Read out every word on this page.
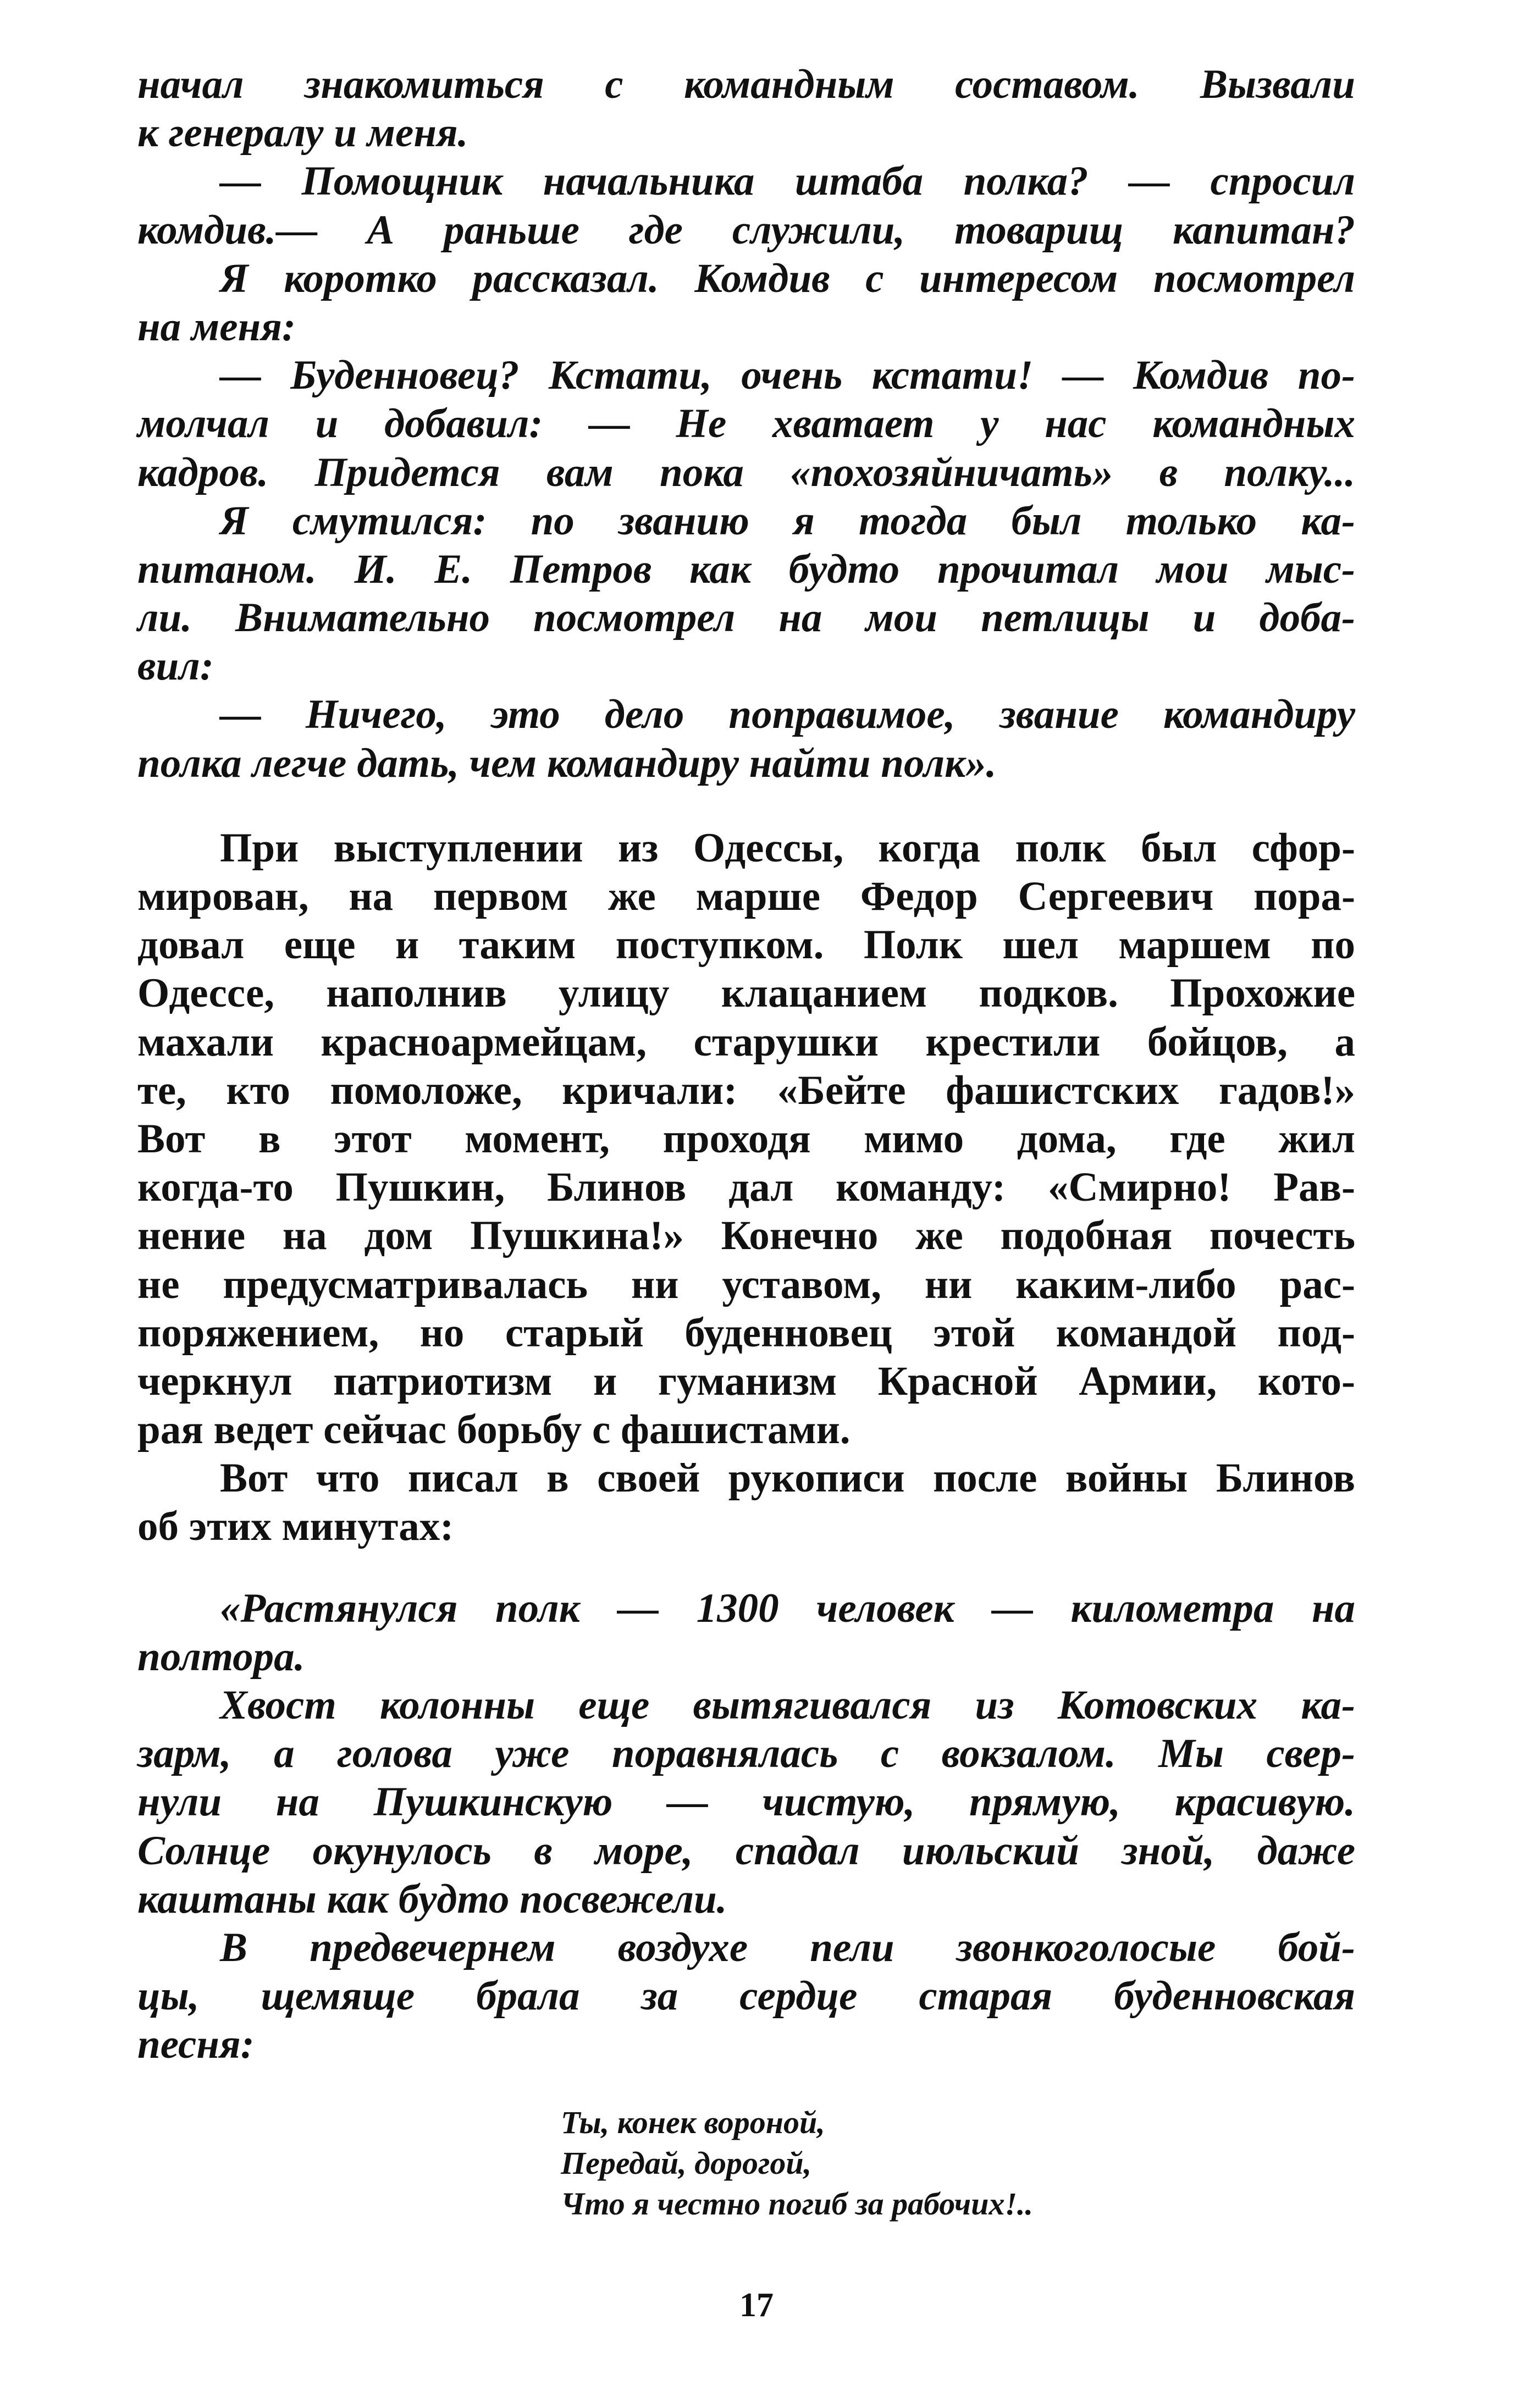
начал знакомиться с командным составом. Вызвали
к генералу и меня.
— Помощник начальника штаба полка? — спросил
комдив.— А раньше где служили, товарищ капитан?
Я коротко рассказал. Комдив с интересом посмотрел
на меня:
— Буденновец? Кстати, очень кстати! — Комдив по-
молчал и добавил: — Не хватает у нас командных
кадров. Придется вам пока «похозяйничать» в полку...
Я смутился: по званию я тогда был только ка-
питаном. И. Е. Петров как будто прочитал мои мыс-
ли. Внимательно посмотрел на мои петлицы и доба-
вил:
— Ничего, это дело поправимое, звание командиру
полка легче дать, чем командиру найти полк».
При выступлении из Одессы, когда полк был сфор-
мирован, на первом же марше Федор Сергеевич пора-
довал еще и таким поступком. Полк шел маршем по
Одессе, наполнив улицу клацанием подков. Прохожие
махали красноармейцам, старушки крестили бойцов, а
те, кто помоложе, кричали: «Бейте фашистских гадов!»
Вот в этот момент, проходя мимо дома, где жил
когда-то Пушкин, Блинов дал команду: «Смирно! Рав-
нение на дом Пушкина!» Конечно же подобная почесть
не предусматривалась ни уставом, ни каким-либо рас-
поряжением, но старый буденновец этой командой под-
черкнул патриотизм и гуманизм Красной Армии, кото-
рая ведет сейчас борьбу с фашистами.
Вот что писал в своей рукописи после войны Блинов
об этих минутах:
«Растянулся полк — 1300 человек — километра на
полтора.
Хвост колонны еще вытягивался из Котовских ка-
зарм, а голова уже поравнялась с вокзалом. Мы свер-
нули на Пушкинскую — чистую, прямую, красивую.
Солнце окунулось в море, спадал июльский зной, даже
каштаны как будто посвежели.
В предвечернем воздухе пели звонкоголосые бой-
цы, щемяще брала за сердце старая буденновская
песня:
Ты, конек вороной,
Передай, дорогой,
Что я честно погиб за рабочих!..
17
